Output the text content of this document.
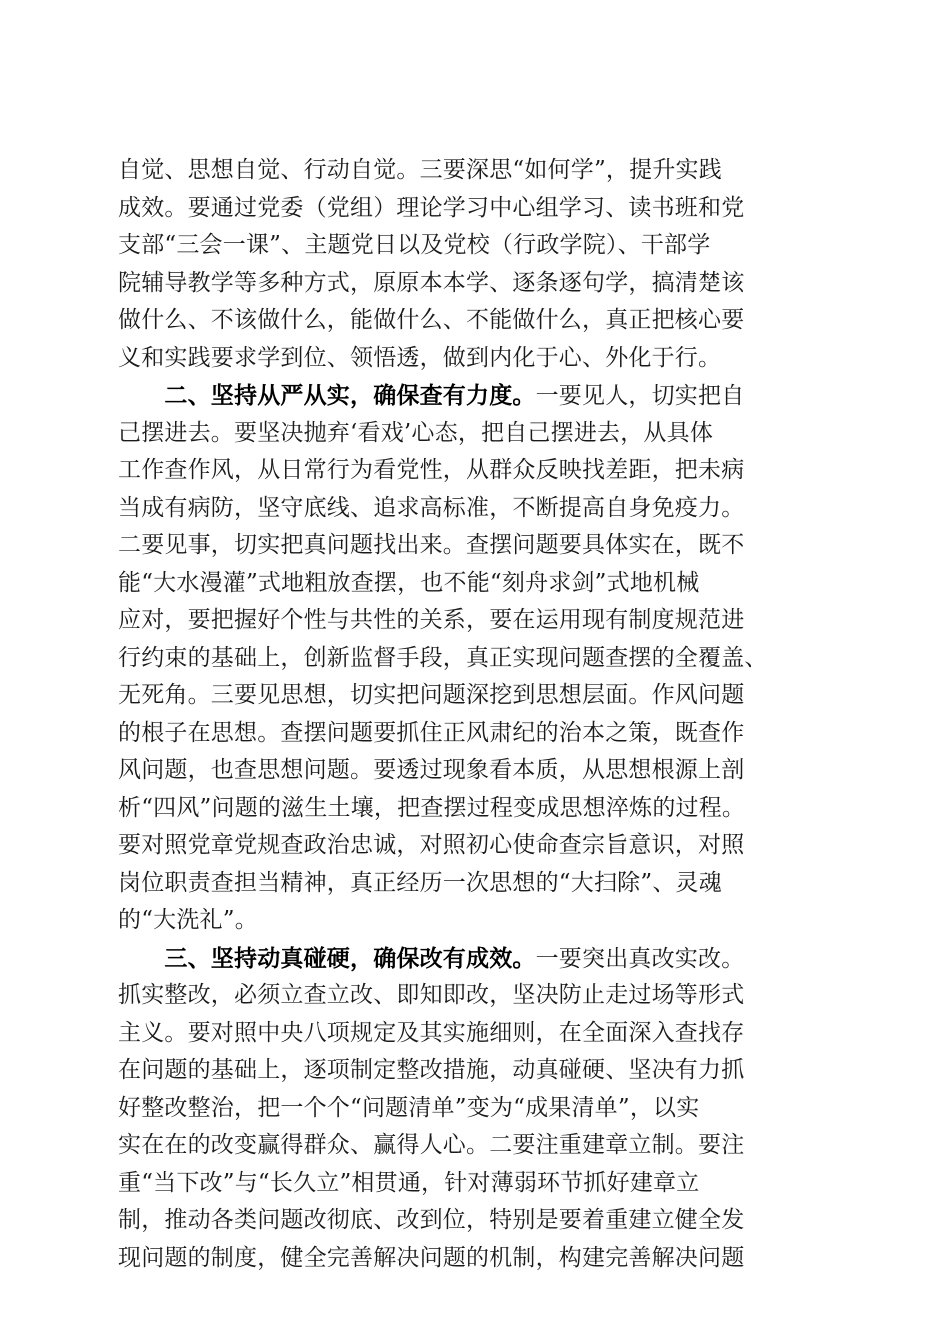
自觉、思想自觉、行动自觉。三要深思“如何学”，提升实践
成效。要通过党委（党组）理论学习中心组学习、读书班和党
支部“三会一课”、主题党日以及党校（行政学院）、干部学
院辅导教学等多种方式，原原本本学、逐条逐句学，搞清楚该
做什么、不该做什么，能做什么、不能做什么，真正把核心要
义和实践要求学到位、领悟透，做到内化于心、外化于行。
　　二、坚持从严从实，确保查有力度。一要见人，切实把自
己摆进去。要坚决抛弃‘看戏’心态，把自己摆进去，从具体
工作查作风，从日常行为看党性，从群众反映找差距，把未病
当成有病防，坚守底线、追求高标准，不断提高自身免疫力。
二要见事，切实把真问题找出来。查摆问题要具体实在，既不
能“大水漫灌”式地粗放查摆，也不能“刻舟求剑”式地机械
应对，要把握好个性与共性的关系，要在运用现有制度规范进
行约束的基础上，创新监督手段，真正实现问题查摆的全覆盖、
无死角。三要见思想，切实把问题深挖到思想层面。作风问题
的根子在思想。查摆问题要抓住正风肃纪的治本之策，既查作
风问题，也查思想问题。要透过现象看本质，从思想根源上剖
析“四风”问题的滋生土壤，把查摆过程变成思想淬炼的过程。
要对照党章党规查政治忠诚，对照初心使命查宗旨意识，对照
岗位职责查担当精神，真正经历一次思想的“大扫除”、灵魂
的“大洗礼”。
　　三、坚持动真碰硬，确保改有成效。一要突出真改实改。
抓实整改，必须立查立改、即知即改，坚决防止走过场等形式
主义。要对照中央八项规定及其实施细则，在全面深入查找存
在问题的基础上，逐项制定整改措施，动真碰硬、坚决有力抓
好整改整治，把一个个“问题清单”变为“成果清单”，以实
实在在的改变赢得群众、赢得人心。二要注重建章立制。要注
重“当下改”与“长久立”相贯通，针对薄弱环节抓好建章立
制，推动各类问题改彻底、改到位，特别是要着重建立健全发
现问题的制度，健全完善解决问题的机制，构建完善解决问题
